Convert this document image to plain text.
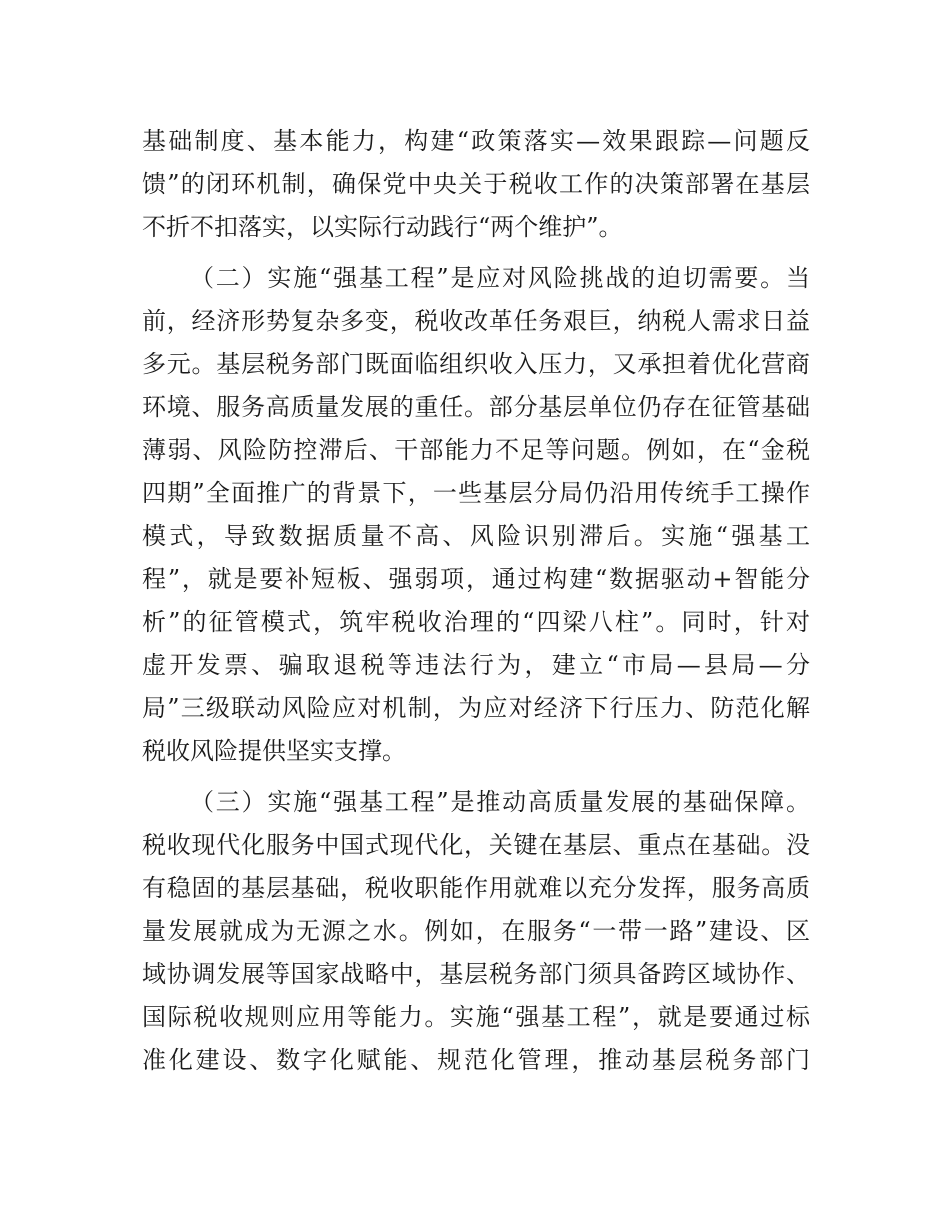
基础制度、基本能力，构建“政策落实—效果跟踪—问题反
馈”的闭环机制，确保党中央关于税收工作的决策部署在基层
不折不扣落实，以实际行动践行“两个维护”。
（二）实施“强基工程”是应对风险挑战的迫切需要。当
前，经济形势复杂多变，税收改革任务艰巨，纳税人需求日益
多元。基层税务部门既面临组织收入压力，又承担着优化营商
环境、服务高质量发展的重任。部分基层单位仍存在征管基础
薄弱、风险防控滞后、干部能力不足等问题。例如，在“金税
四期”全面推广的背景下，一些基层分局仍沿用传统手工操作
模式，导致数据质量不高、风险识别滞后。实施“强基工
程”，就是要补短板、强弱项，通过构建“数据驱动+智能分
析”的征管模式，筑牢税收治理的“四梁八柱”。同时，针对
虚开发票、骗取退税等违法行为，建立“市局—县局—分
局”三级联动风险应对机制，为应对经济下行压力、防范化解
税收风险提供坚实支撑。
（三）实施“强基工程”是推动高质量发展的基础保障。
税收现代化服务中国式现代化，关键在基层、重点在基础。没
有稳固的基层基础，税收职能作用就难以充分发挥，服务高质
量发展就成为无源之水。例如，在服务“一带一路”建设、区
域协调发展等国家战略中，基层税务部门须具备跨区域协作、
国际税收规则应用等能力。实施“强基工程”，就是要通过标
准化建设、数字化赋能、规范化管理，推动基层税务部门
